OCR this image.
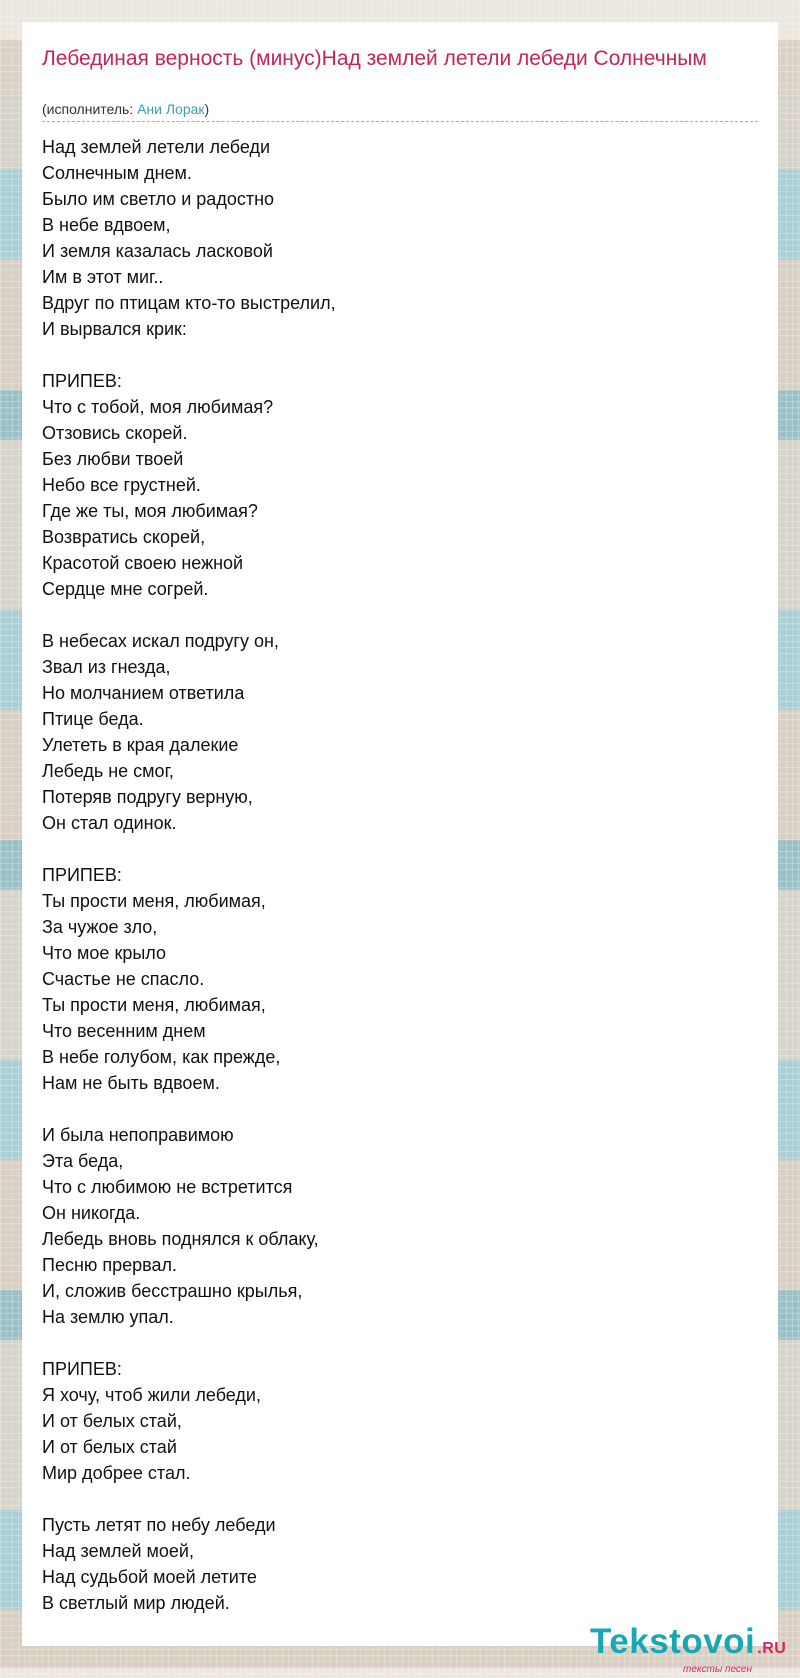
Лебединая верность (минус)Над землей летели лебеди Солнечным
(исполнитель: Ани Лорак)
Над землей летели лебеди
Солнечным днем.
Было им светло и радостно
В небе вдвоем,
И земля казалась ласковой
Им в этот миг..
Вдруг по птицам кто-то выстрелил,
И вырвался крик:
ПРИПЕВ:
Что с тобой, моя любимая?
Отзовись скорей.
Без любви твоей
Небо все грустней.
Где же ты, моя любимая?
Возвратись скорей,
Красотой своею нежной
Сердце мне согрей.
В небесах искал подругу он,
Звал из гнезда,
Но молчанием ответила
Птице беда.
Улететь в края далекие
Лебедь не смог,
Потеряв подругу верную,
Он стал одинок.
ПРИПЕВ:
Ты прости меня, любимая,
За чужое зло,
Что мое крыло
Счастье не спасло.
Ты прости меня, любимая,
Что весенним днем
В небе голубом, как прежде,
Нам не быть вдвоем.
И была непоправимою
Эта беда,
Что с любимою не встретится
Он никогда.
Лебедь вновь поднялся к облаку,
Песню прервал.
И, сложив бесстрашно крылья,
На землю упал.
ПРИПЕВ:
Я хочу, чтоб жили лебеди,
И от белых стай,
И от белых стай
Мир добрее стал.
Пусть летят по небу лебеди
Над землей моей,
Над судьбой моей летите
В светлый мир людей.
Tekstovoi .RU
тексты песен
